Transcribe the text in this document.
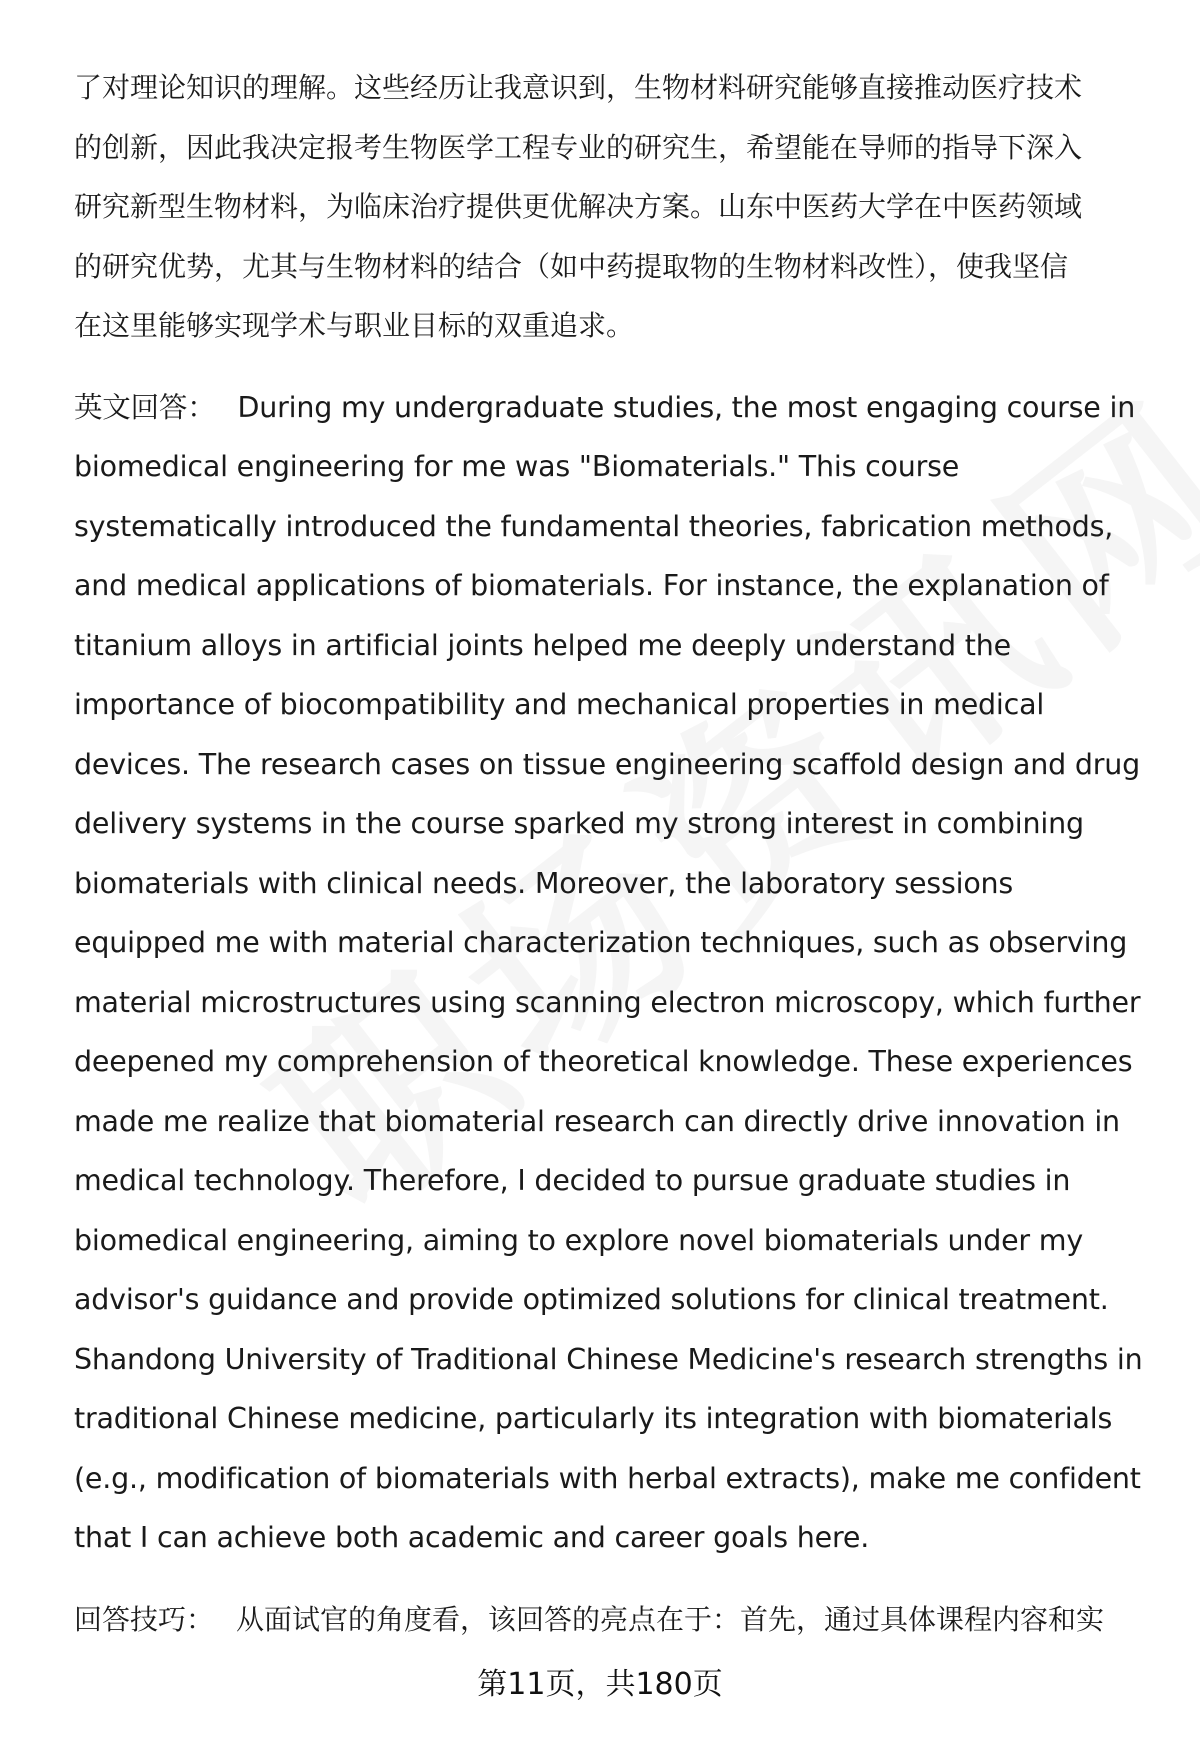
了对理论知识的理解。这些经历让我意识到，生物材料研究能够直接推动医疗技术
的创新，因此我决定报考生物医学工程专业的研究生，希望能在导师的指导下深入
研究新型生物材料，为临床治疗提供更优解决方案。山东中医药大学在中医药领域
的研究优势，尤其与生物材料的结合（如中药提取物的生物材料改性），使我坚信
在这里能够实现学术与职业目标的双重追求。

英文回答： During my undergraduate studies, the most engaging course in
biomedical engineering for me was "Biomaterials." This course
systematically introduced the fundamental theories, fabrication methods,
and medical applications of biomaterials. For instance, the explanation of
titanium alloys in artificial joints helped me deeply understand the
importance of biocompatibility and mechanical properties in medical
devices. The research cases on tissue engineering scaffold design and drug
delivery systems in the course sparked my strong interest in combining
biomaterials with clinical needs. Moreover, the laboratory sessions
equipped me with material characterization techniques, such as observing
material microstructures using scanning electron microscopy, which further
deepened my comprehension of theoretical knowledge. These experiences
made me realize that biomaterial research can directly drive innovation in
medical technology. Therefore, I decided to pursue graduate studies in
biomedical engineering, aiming to explore novel biomaterials under my
advisor's guidance and provide optimized solutions for clinical treatment.
Shandong University of Traditional Chinese Medicine's research strengths in
traditional Chinese medicine, particularly its integration with biomaterials
(e.g., modification of biomaterials with herbal extracts), make me confident
that I can achieve both academic and career goals here.

回答技巧： 从面试官的角度看，该回答的亮点在于：首先，通过具体课程内容和实

第11页，共180页
